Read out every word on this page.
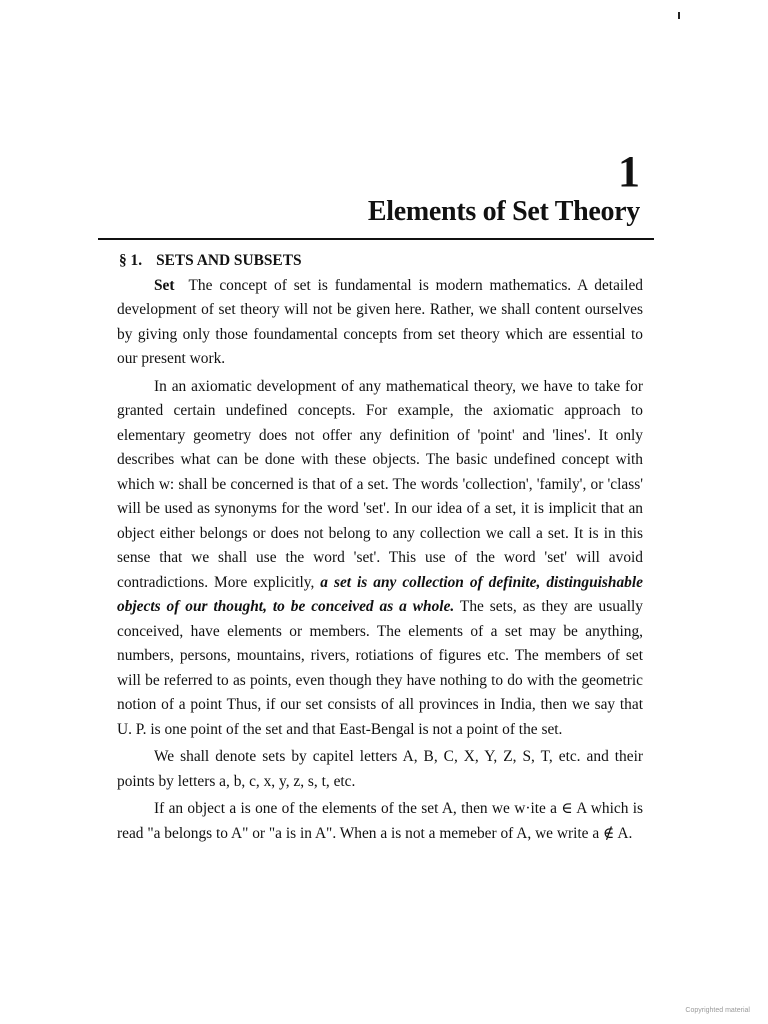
1
Elements of Set Theory
§ 1. SETS AND SUBSETS

Set The concept of set is fundamental is modern mathematics. A detailed development of set theory will not be given here. Rather, we shall content ourselves by giving only those foundamental concepts from set theory which are essential to our present work.

In an axiomatic development of any mathematical theory, we have to take for granted certain undefined concepts. For example, the axiomatic approach to elementary geometry does not offer any definition of 'point' and 'lines'. It only describes what can be done with these objects. The basic undefined concept with which w: shall be concerned is that of a set. The words 'collection', 'family', or 'class' will be used as synonyms for the word 'set'. In our idea of a set, it is implicit that an object either belongs or does not belong to any collection we call a set. It is in this sense that we shall use the word 'set'. This use of the word 'set' will avoid contradictions. More explicitly, a set is any collection of definite, distinguishable objects of our thought, to be conceived as a whole. The sets, as they are usually conceived, have elements or members. The elements of a set may be anything, numbers, persons, mountains, rivers, rotiations of figures etc. The members of set will be referred to as points, even though they have nothing to do with the geometric notion of a point Thus, if our set consists of all provinces in India, then we say that U. P. is one point of the set and that East-Bengal is not a point of the set.

We shall denote sets by capitel letters A, B, C, X, Y, Z, S, T, etc. and their points by letters a, b, c, x, y, z, s, t, etc.

If an object a is one of the elements of the set A, then we w·ite a ∈ A which is read "a belongs to A" or "a is in A". When a is not a memeber of A, we write a ∉ A.

Copyrighted material
